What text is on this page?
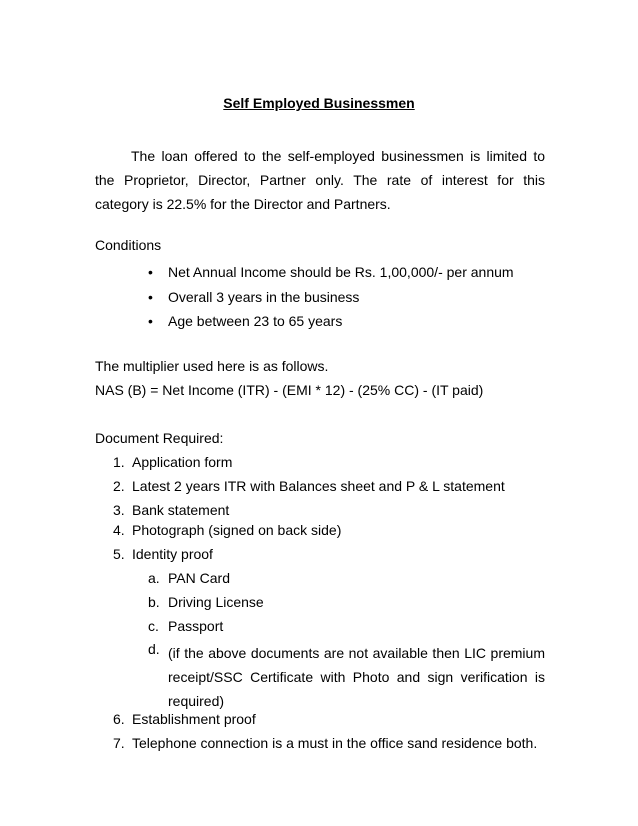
Self Employed Businessmen

The loan offered to the self-employed businessmen is limited to the Proprietor, Director, Partner only. The rate of interest for this category is 22.5% for the Director and Partners.

Conditions
• Net Annual Income should be Rs. 1,00,000/- per annum
• Overall 3 years in the business
• Age between 23 to 65 years
The multiplier used here is as follows.
NAS (B) = Net Income (ITR) - (EMI * 12) - (25% CC) - (IT paid)
Document Required:
1. Application form
2. Latest 2 years ITR with Balances sheet and P & L statement
3. Bank statement
4. Photograph (signed on back side)
5. Identity proof
a. PAN Card
b. Driving License
c. Passport
d. (if the above documents are not available then LIC premium receipt/SSC Certificate with Photo and sign verification is required)

6. Establishment proof
7. Telephone connection is a must in the office sand residence both.
